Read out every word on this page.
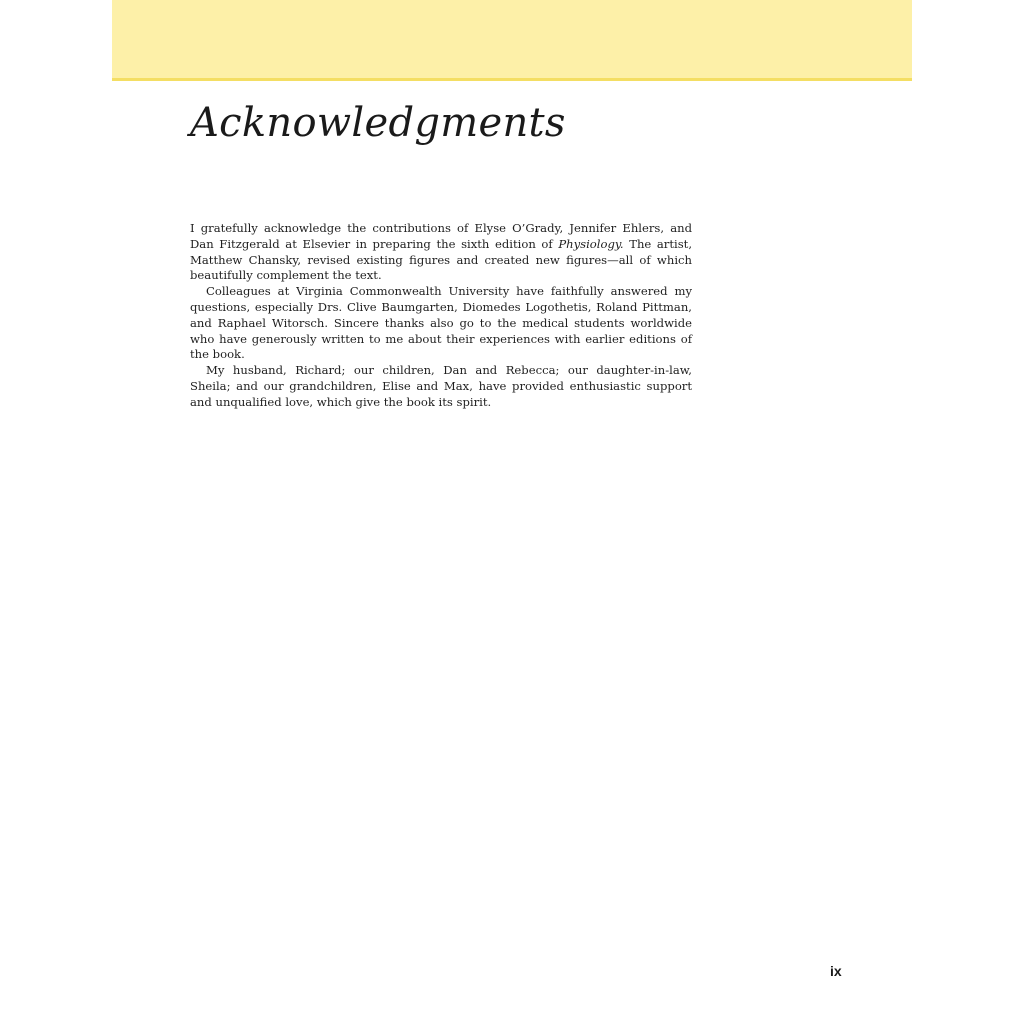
Acknowledgments

I gratefully acknowledge the contributions of Elyse O’Grady, Jennifer Ehlers, and Dan Fitzgerald at Elsevier in preparing the sixth edition of Physiology. The artist, Matthew Chansky, revised existing figures and created new figures—all of which beautifully complement the text.

Colleagues at Virginia Commonwealth University have faithfully answered my questions, especially Drs. Clive Baumgarten, Diomedes Logothetis, Roland Pittman, and Raphael Witorsch. Sincere thanks also go to the medical students worldwide who have generously written to me about their experiences with earlier editions of the book.

My husband, Richard; our children, Dan and Rebecca; our daughter-in-law, Sheila; and our grandchildren, Elise and Max, have provided enthusiastic support and unqualified love, which give the book its spirit.

ix
